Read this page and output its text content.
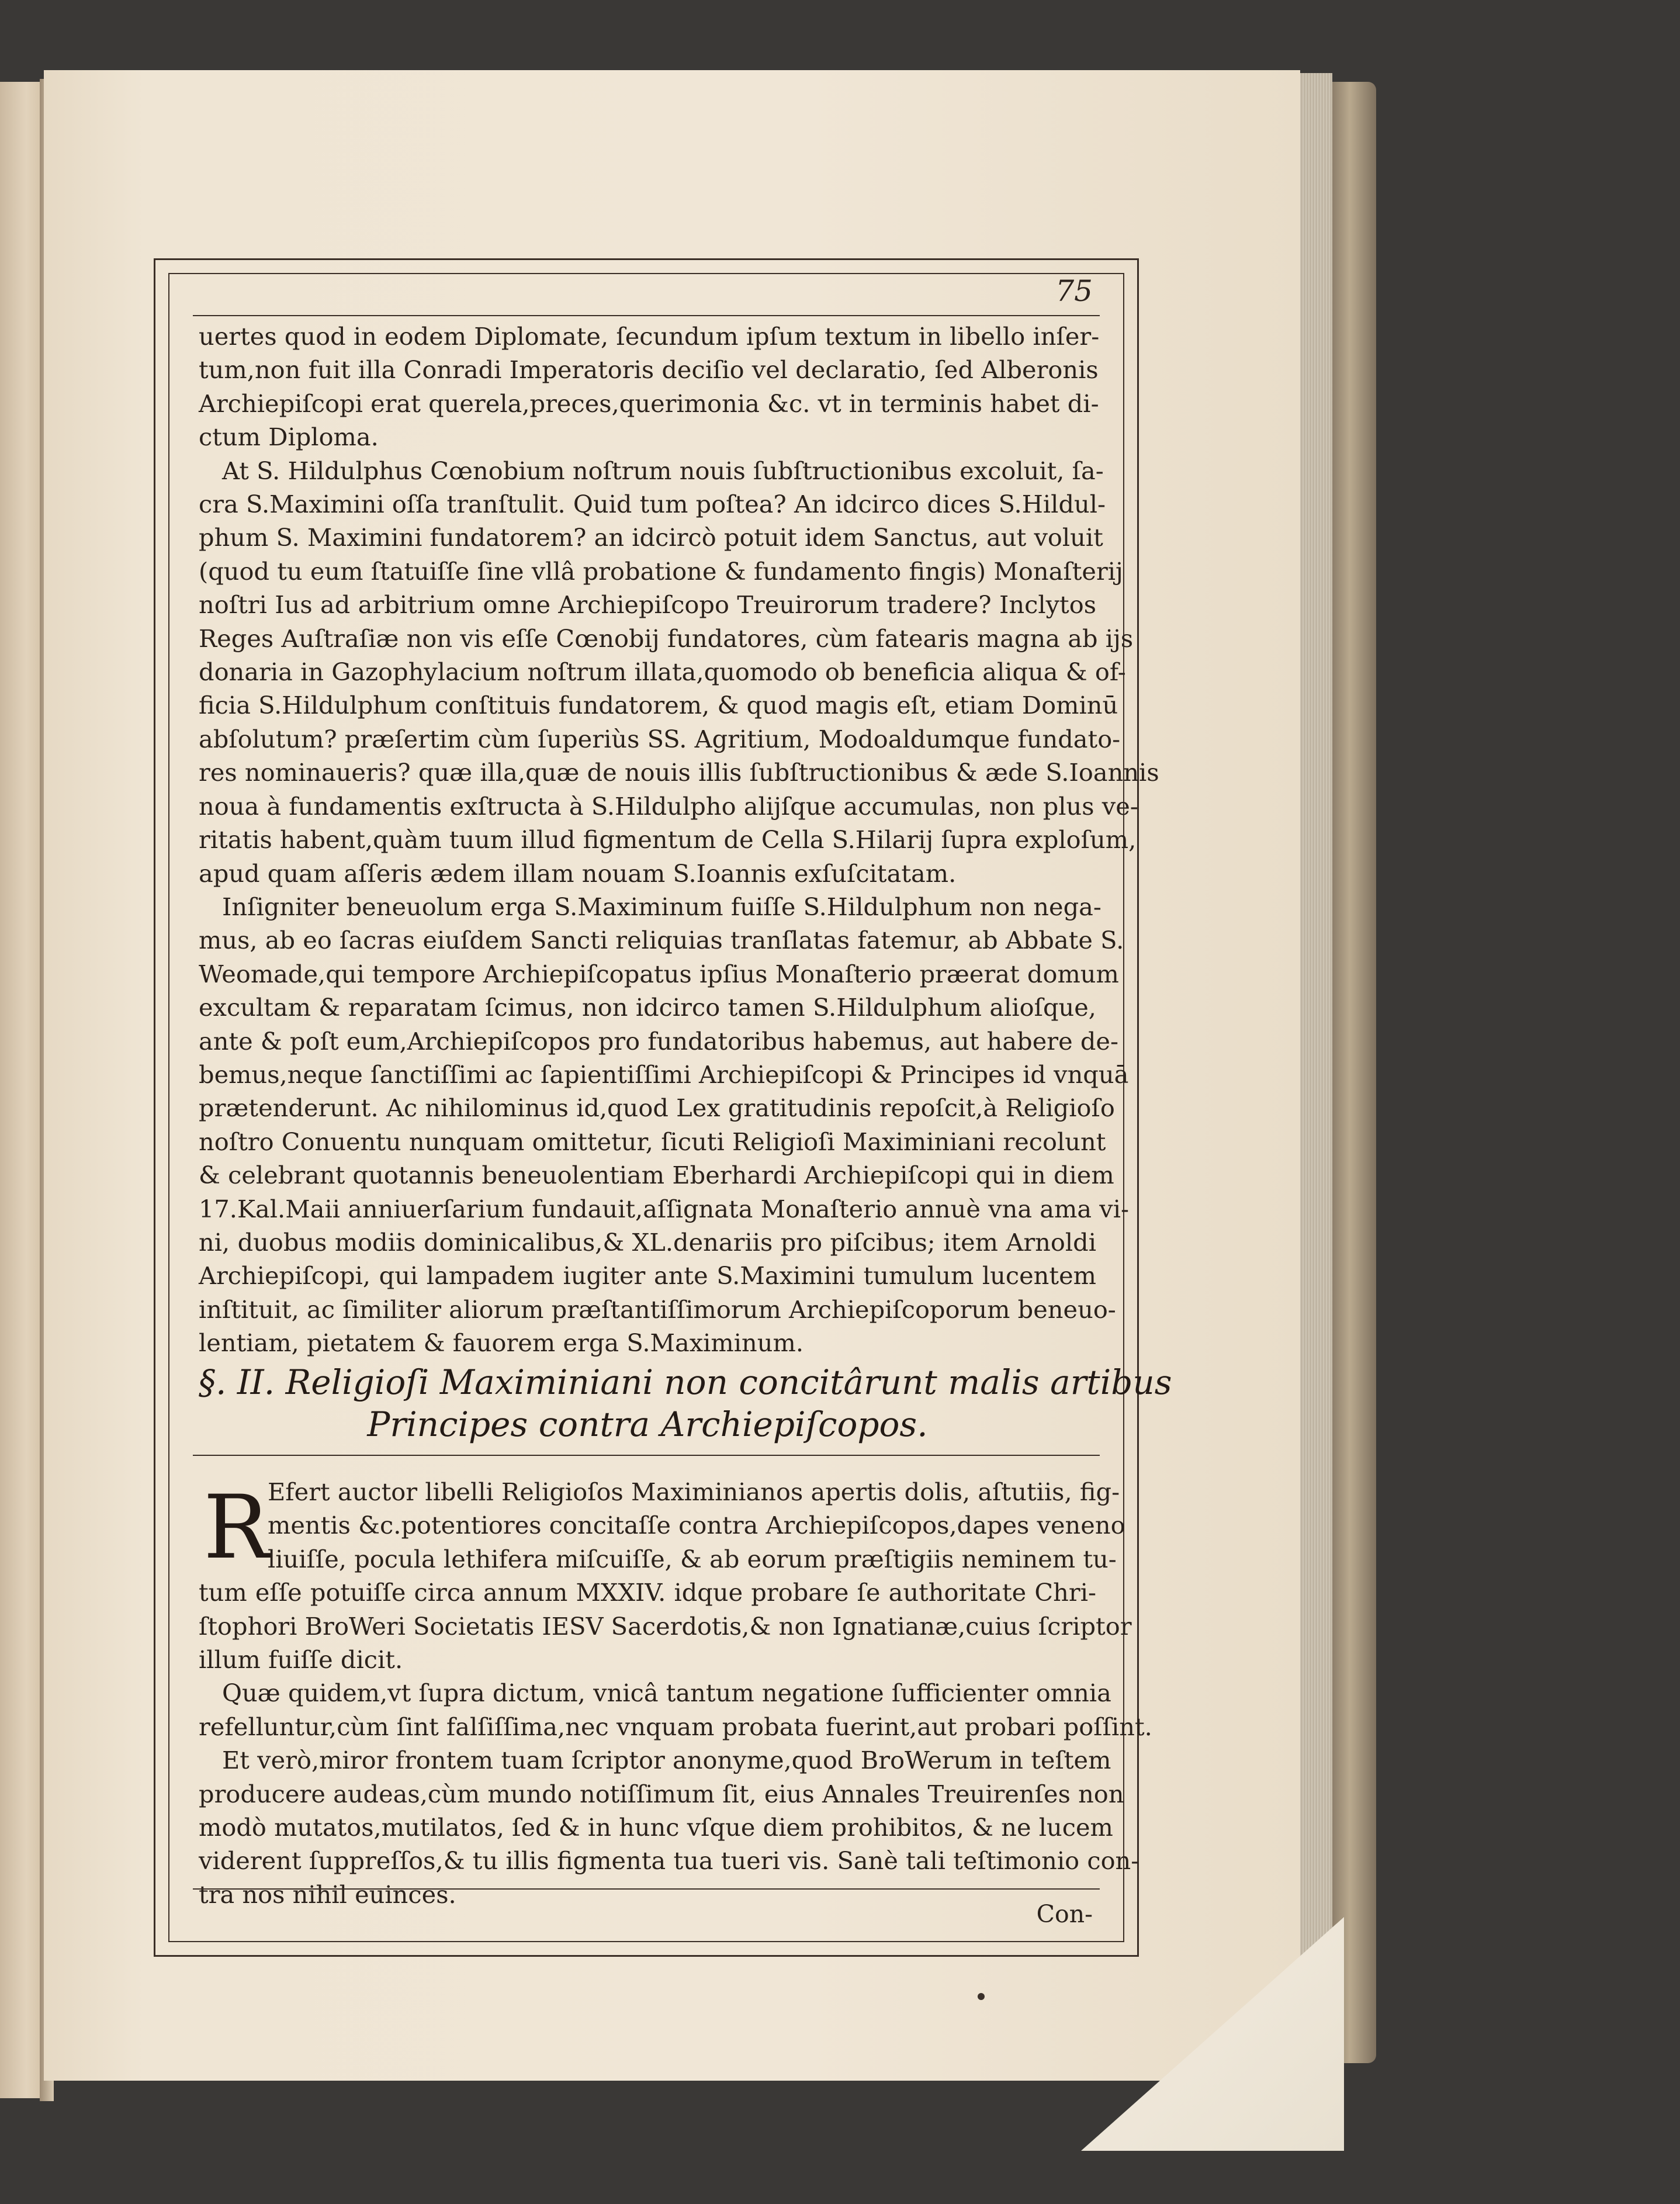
75
uertes quod in eodem Diplomate, ſecundum ipſum textum in libello inſer-
tum,non fuit illa Conradi Imperatoris deciſio vel declaratio, ſed Alberonis
Archiepiſcopi erat querela,preces,querimonia &c. vt in terminis habet di-
ctum Diploma.
At S. Hildulphus Cœnobium noſtrum nouis ſubſtructionibus excoluit, ſa-
cra S.Maximini oſſa tranſtulit. Quid tum poſtea? An idcirco dices S.Hildul-
phum S. Maximini fundatorem? an idcircò potuit idem Sanctus, aut voluit
(quod tu eum ſtatuiſſe ſine vllâ probatione & fundamento fingis) Monaſterij
noſtri Ius ad arbitrium omne Archiepiſcopo Treuirorum tradere? Inclytos
Reges Auſtraſiæ non vis eſſe Cœnobij fundatores, cùm fatearis magna ab ijs
donaria in Gazophylacium noſtrum illata,quomodo ob beneficia aliqua & of-
ficia S.Hildulphum conſtituis fundatorem, & quod magis eſt, etiam Dominū
abſolutum? præſertim cùm ſuperiùs SS. Agritium, Modoaldumque fundato-
res nominaueris? quæ illa,quæ de nouis illis ſubſtructionibus & æde S.Ioannis
noua à fundamentis exſtructa à S.Hildulpho alijſque accumulas, non plus ve-
ritatis habent,quàm tuum illud figmentum de Cella S.Hilarij ſupra exploſum,
apud quam aſſeris ædem illam nouam S.Ioannis exſuſcitatam.
Inſigniter beneuolum erga S.Maximinum fuiſſe S.Hildulphum non nega-
mus, ab eo ſacras eiuſdem Sancti reliquias tranſlatas fatemur, ab Abbate S.
Weomade,qui tempore Archiepiſcopatus ipſius Monaſterio præerat domum
excultam & reparatam ſcimus, non idcirco tamen S.Hildulphum alioſque,
ante & poſt eum,Archiepiſcopos pro fundatoribus habemus, aut habere de-
bemus,neque ſanctiſſimi ac ſapientiſſimi Archiepiſcopi & Principes id vnquā
prætenderunt. Ac nihilominus id,quod Lex gratitudinis repoſcit,à Religioſo
noſtro Conuentu nunquam omittetur, ſicuti Religioſi Maximiniani recolunt
& celebrant quotannis beneuolentiam Eberhardi Archiepiſcopi qui in diem
17.Kal.Maii anniuerſarium fundauit,aſſignata Monaſterio annuè vna ama vi-
ni, duobus modiis dominicalibus,& XL.denariis pro piſcibus; item Arnoldi
Archiepiſcopi, qui lampadem iugiter ante S.Maximini tumulum lucentem
inſtituit, ac ſimiliter aliorum præſtantiſſimorum Archiepiſcoporum beneuo-
lentiam, pietatem & fauorem erga S.Maximinum.
§. II. Religioſi Maximiniani non concitârunt malis artibus
Principes contra Archiepiſcopos.
R
Efert auctor libelli Religioſos Maximinianos apertis dolis, aſtutiis, fig-
mentis &c.potentiores concitaſſe contra Archiepiſcopos,dapes veneno
liuiſſe, pocula lethifera miſcuiſſe, & ab eorum præſtigiis neminem tu-
tum eſſe potuiſſe circa annum MXXIV. idque probare ſe authoritate Chri-
ſtophori BroWeri Societatis IESV Sacerdotis,& non Ignatianæ,cuius ſcriptor
illum fuiſſe dicit.
Quæ quidem,vt ſupra dictum, vnicâ tantum negatione ſufficienter omnia
refelluntur,cùm ſint falſiſſima,nec vnquam probata fuerint,aut probari poſſint.
Et verò,miror frontem tuam ſcriptor anonyme,quod BroWerum in teſtem
producere audeas,cùm mundo notiſſimum ſit, eius Annales Treuirenſes non
modò mutatos,mutilatos, ſed & in hunc vſque diem prohibitos, & ne lucem
viderent ſuppreſſos,& tu illis figmenta tua tueri vis. Sanè tali teſtimonio con-
tra nos nihil euinces.
Con-
